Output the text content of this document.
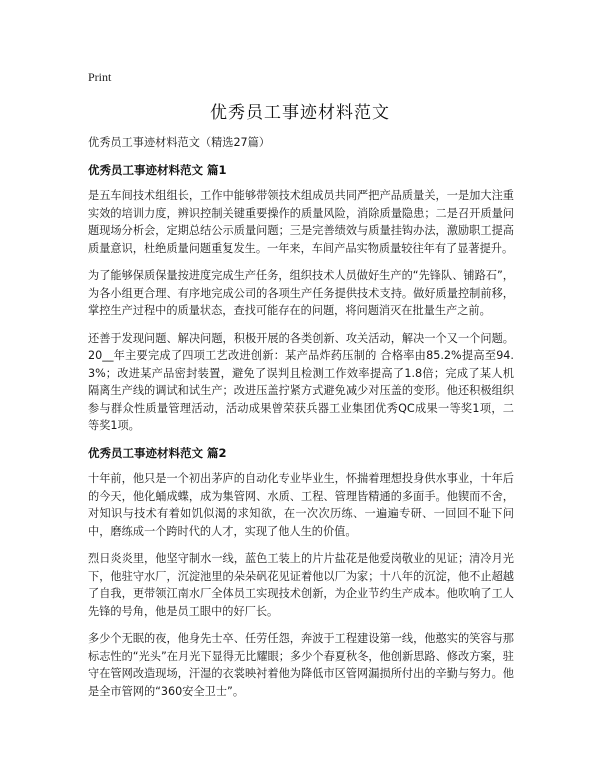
Print
优秀员工事迹材料范文

优秀员工事迹材料范文（精选27篇）

优秀员工事迹材料范文 篇1

是五车间技术组组长，工作中能够带领技术组成员共同严把产品质量关，一是加大注重实效的培训力度，辨识控制关键重要操作的质量风险，消除质量隐患；二是召开质量问题现场分析会，定期总结公示质量问题；三是完善绩效与质量挂钩办法，激励职工提高质量意识，杜绝质量问题重复发生。一年来，车间产品实物质量较往年有了显著提升。

为了能够保质保量按进度完成生产任务，组织技术人员做好生产的“先锋队、铺路石”，为各小组更合理、有序地完成公司的各项生产任务提供技术支持。做好质量控制前移，掌控生产过程中的质量状态，查找可能存在的问题，将问题消灭在批量生产之前。

还善于发现问题、解决问题，积极开展的各类创新、攻关活动，解决一个又一个问题。20__年主要完成了四项工艺改进创新：某产品炸药压制的 合格率由85.2%提高至94.3%；改进某产品密封装置，避免了误判且检测工作效率提高了1.8倍；完成了某人机隔离生产线的调试和试生产；改进压盖拧紧方式避免减少对压盖的变形。他还积极组织参与群众性质量管理活动，活动成果曾荣获兵器工业集团优秀QC成果一等奖1项，二等奖1项。

优秀员工事迹材料范文 篇2

十年前，他只是一个初出茅庐的自动化专业毕业生，怀揣着理想投身供水事业，十年后的今天，他化蛹成蝶，成为集管网、水质、工程、管理皆精通的多面手。他锲而不舍，对知识与技术有着如饥似渴的求知欲，在一次次历练、一遍遍专研、一回回不耻下问中，磨练成一个跨时代的人才，实现了他人生的价值。

烈日炎炎里，他坚守制水一线，蓝色工装上的片片盐花是他爱岗敬业的见证；清冷月光下，他驻守水厂，沉淀池里的朵朵矾花见证着他以厂为家；十八年的沉淀，他不止超越了自我，更带领江南水厂全体员工实现技术创新，为企业节约生产成本。他吹响了工人先锋的号角，他是员工眼中的好厂长。

多少个无眠的夜，他身先士卒、任劳任怨，奔波于工程建设第一线，他憨实的笑容与那标志性的“光头”在月光下显得无比耀眼；多少个春夏秋冬，他创新思路、修改方案，驻守在管网改造现场，汗湿的衣裳映衬着他为降低市区管网漏损所付出的辛勤与努力。他是全市管网的“360安全卫士”。
